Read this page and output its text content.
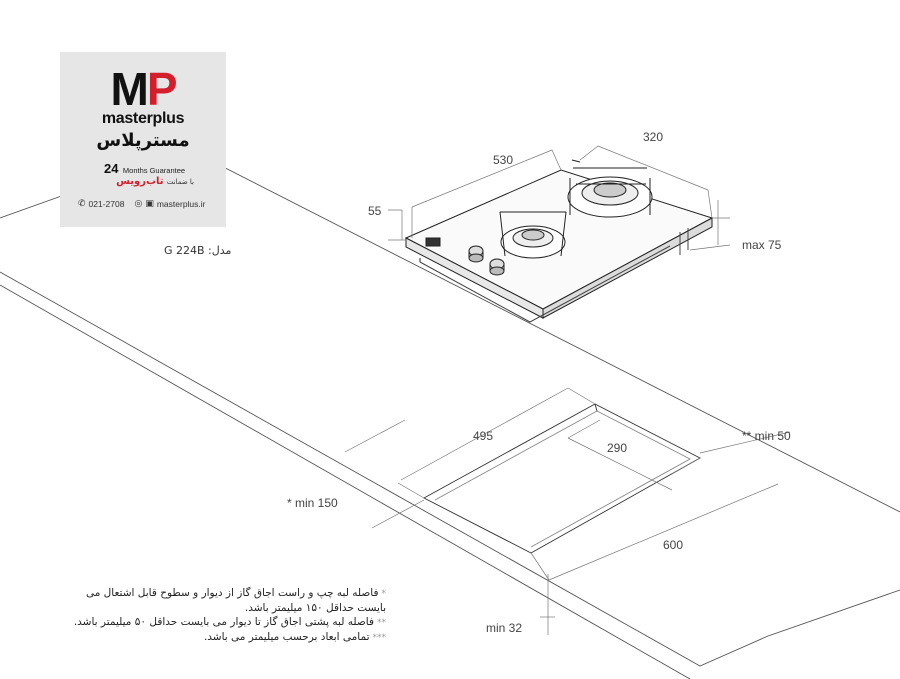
530
320
55
max 75
495
290
* min 150
** min 50
600
min 32
MP
masterplus
مسترپلاس
24 Months Guarantee
با ضمانت تاب‌رویس
✆ 021-2708 ◎ ▣ masterplus.ir
مدل: G 224B
*فاصله لبه چپ و راست اجاق گاز از دیوار و سطوح قابل اشتعال می بایست حداقل ۱۵۰ میلیمتر باشد.
**فاصله لبه پشتی اجاق گاز تا دیوار می بایست حداقل ۵۰ میلیمتر باشد.
***تمامی ابعاد برحسب میلیمتر می باشد.
